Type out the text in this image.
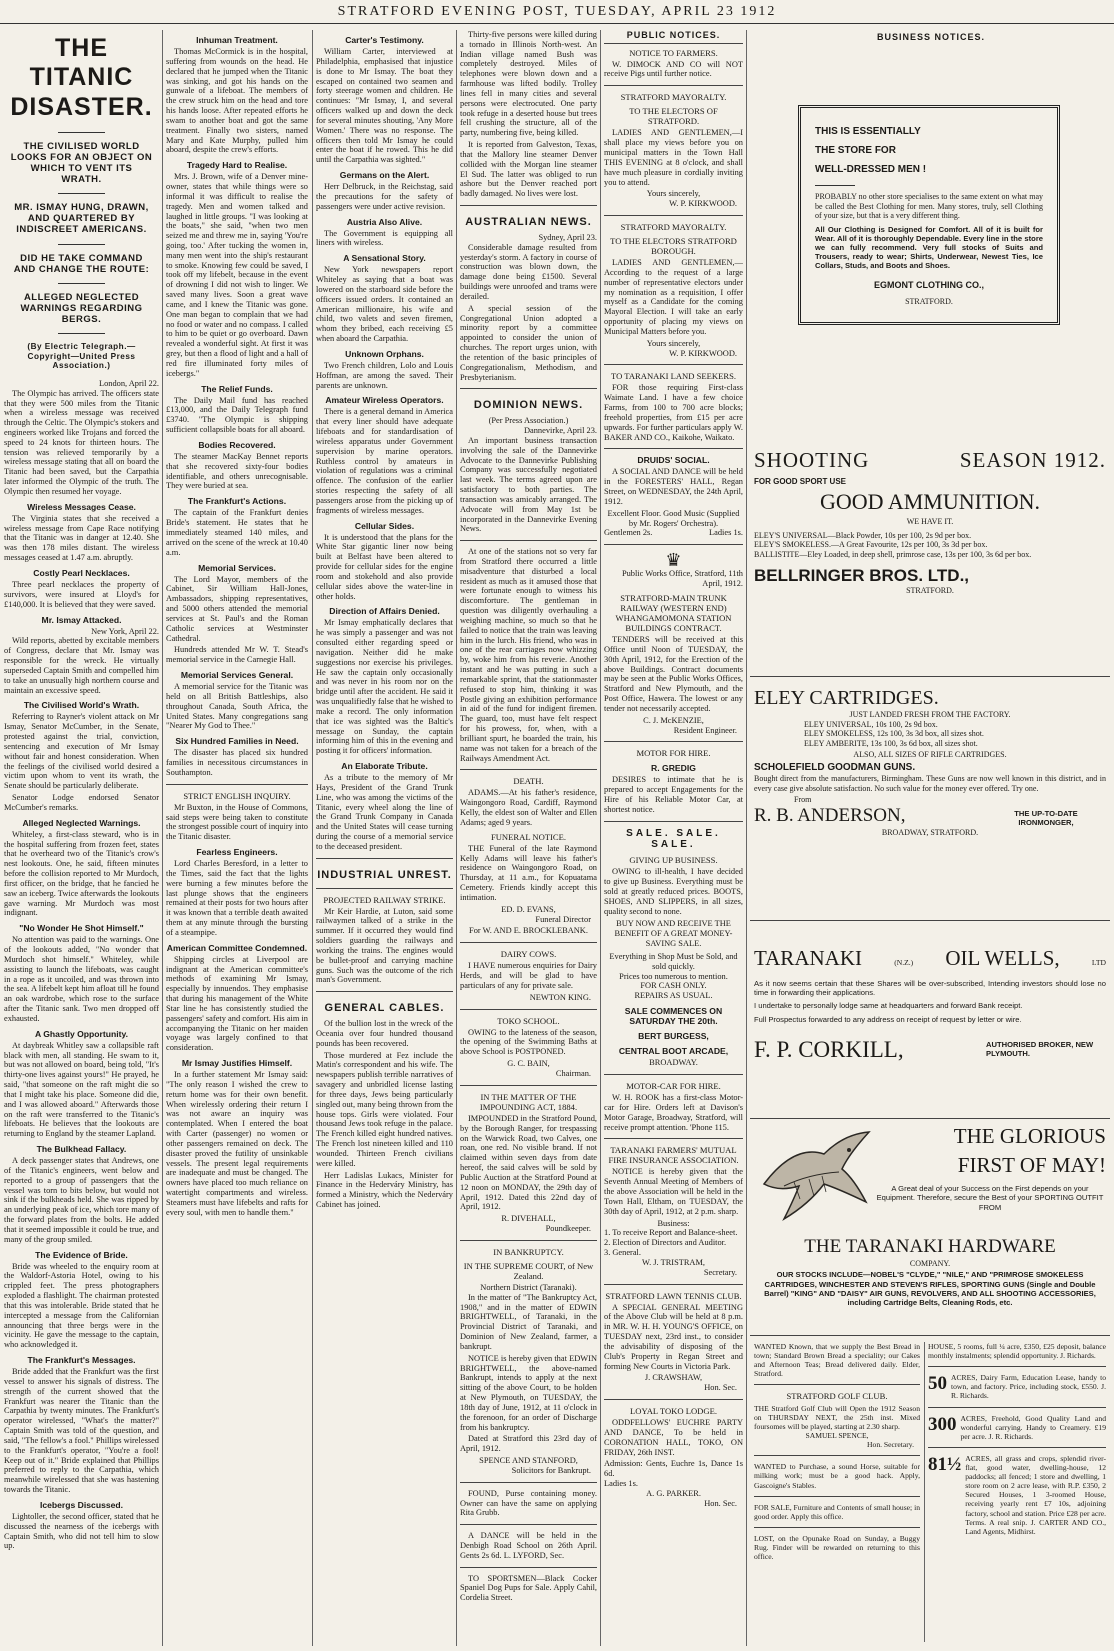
STRATFORD EVENING POST, TUESDAY, APRIL 23 1912
THE TITANIC DISASTER.
THE CIVILISED WORLD LOOKS FOR AN OBJECT ON WHICH TO VENT ITS WRATH.
MR. ISMAY HUNG, DRAWN, AND QUARTERED BY INDISCREET AMERICANS.
DID HE TAKE COMMAND AND CHANGE THE ROUTE:
ALLEGED NEGLECTED WARNINGS REGARDING BERGS.
(By Electric Telegraph.—Copyright—United Press Association.)
London, April 22.

The Olympic has arrived. The officers state that they were 500 miles from the Titanic when a wireless message was received through the Celtic. The Olympic's stokers and engineers worked like Trojans and forced the speed to 24 knots for thirteen hours. The tension was relieved temporarily by a wireless message stating that all on board the Titanic had been saved, but the Carpathia later informed the Olympic of the truth. The Olympic then resumed her voyage.

Wireless Messages Cease.

The Virginia states that she received a wireless message from Cape Race notifying that the Titanic was in danger at 12.40. She was then 178 miles distant. The wireless messages ceased at 1.47 a.m. abruptly.

Costly Pearl Necklaces.

Three pearl necklaces the property of survivors, were insured at Lloyd's for £140,000. It is believed that they were saved.

Mr. Ismay Attacked.
New York, April 22.

Wild reports, abetted by excitable members of Congress, declare that Mr. Ismay was responsible for the wreck. He virtually superseded Captain Smith and compelled him to take an unusually high northern course and maintain an excessive speed.

The Civilised World's Wrath.

Referring to Rayner's violent attack on Mr Ismay, Senator McCumber, in the Senate, protested against the trial, conviction, sentencing and execution of Mr Ismay without fair and honest consideration. When the feelings of the civilised world desired a victim upon whom to vent its wrath, the Senate should be particularly deliberate.

Senator Lodge endorsed Senator McCumber's remarks.

Alleged Neglected Warnings.

Whiteley, a first-class steward, who is in the hospital suffering from frozen feet, states that he overheard two of the Titanic's crow's nest lookouts. One, he said, fifteen minutes before the collision reported to Mr Murdoch, first officer, on the bridge, that he fancied he saw an iceberg. Twice afterwards the lookouts gave warning. Mr Murdoch was most indignant.

"No Wonder He Shot Himself."

No attention was paid to the warnings. One of the lookouts added, "No wonder that Murdoch shot himself." Whiteley, while assisting to launch the lifeboats, was caught in a rope as it uncoiled, and was thrown into the sea. A lifebelt kept him afloat till he found an oak wardrobe, which rose to the surface after the Titanic sank. Two men dropped off exhausted.

A Ghastly Opportunity.

At daybreak Whitley saw a collapsible raft black with men, all standing. He swam to it, but was not allowed on board, being told, "It's thirty-one lives against yours!" He prayed, he said, "that someone on the raft might die so that I might take his place. Someone did die, and I was allowed aboard." Afterwards those on the raft were transferred to the Titanic's lifeboats. He believes that the lookouts are returning to England by the steamer Lapland.

The Bulkhead Fallacy.

A deck passenger states that Andrews, one of the Titanic's engineers, went below and reported to a group of passengers that the vessel was torn to bits below, but would not sink if the bulkheads held. She was ripped by an underlying peak of ice, which tore many of the forward plates from the bolts. He added that it seemed impossible it could be true, and many of the group smiled.

The Evidence of Bride.

Bride was wheeled to the enquiry room at the Waldorf-Astoria Hotel, owing to his crippled feet. The press photographers exploded a flashlight. The chairman protested that this was intolerable. Bride stated that he intercepted a message from the Californian announcing that three bergs were in the vicinity. He gave the message to the captain, who acknowledged it.

The Frankfurt's Messages.

Bride added that the Frankfurt was the first vessel to answer his signals of distress. The strength of the current showed that the Frankfurt was nearer the Titanic than the Carpathia by twenty minutes. The Frankfurt's operator wirelessed, "What's the matter?" Captain Smith was told of the question, and said, "The fellow's a fool." Phillips wirelessed to the Frankfurt's operator, "You're a fool! Keep out of it." Bride explained that Phillips preferred to reply to the Carpathia, which meanwhile wirelessed that she was hastening towards the Titanic.

Icebergs Discussed.

Lightoller, the second officer, stated that he discussed the nearness of the icebergs with Captain Smith, who did not tell him to slow up.

Inhuman Treatment.

Thomas McCormick is in the hospital, suffering from wounds on the head. He declared that he jumped when the Titanic was sinking, and got his hands on the gunwale of a lifeboat. The members of the crew struck him on the head and tore his hands loose. After repeated efforts he swam to another boat and got the same treatment. Finally two sisters, named Mary and Kate Murphy, pulled him aboard, despite the crew's efforts.

Tragedy Hard to Realise.

Mrs. J. Brown, wife of a Denver mine-owner, states that while things were so informal it was difficult to realise the tragedy. Men and women talked and laughed in little groups. "I was looking at the boats," she said, "when two men seized me and threw me in, saying 'You're going, too.' After tucking the women in, many men went into the ship's restaurant to smoke. Knowing few could be saved, I took off my lifebelt, because in the event of drowning I did not wish to linger. We saved many lives. Soon a great wave came, and I knew the Titanic was gone. One man began to complain that we had no food or water and no compass. I called to him to be quiet or go overboard. Dawn revealed a wonderful sight. At first it was grey, but then a flood of light and a hall of red fire illuminated forty miles of icebergs."

The Relief Funds.

The Daily Mail fund has reached £13,000, and the Daily Telegraph fund £3740. "The Olympic is shipping sufficient collapsible boats for all aboard.

Bodies Recovered.

The steamer MacKay Bennet reports that she recovered sixty-four bodies identifiable, and others unrecognisable. They were buried at sea.

The Frankfurt's Actions.

The captain of the Frankfurt denies Bride's statement. He states that he immediately steamed 140 miles, and arrived on the scene of the wreck at 10.40 a.m.

Memorial Services.

The Lord Mayor, members of the Cabinet, Sir William Hall-Jones, Ambassadors, shipping representatives, and 5000 others attended the memorial services at St. Paul's and the Roman Catholic services at Westminster Cathedral.

Hundreds attended Mr W. T. Stead's memorial service in the Carnegie Hall.

Memorial Services General.

A memorial service for the Titanic was held on all British Battleships, also throughout Canada, South Africa, the United States. Many congregations sang "Nearer My God to Thee."

Six Hundred Families in Need.

The disaster has placed six hundred families in necessitous circumstances in Southampton.

STRICT ENGLISH INQUIRY.

Mr Buxton, in the House of Commons, said steps were being taken to constitute the strongest possible court of inquiry into the Titanic disaster.

Fearless Engineers.

Lord Charles Beresford, in a letter to the Times, said the fact that the lights were burning a few minutes before the last plunge shows that the engineers remained at their posts for two hours after it was known that a terrible death awaited them at any minute through the bursting of a steampipe.

American Committee Condemned.

Shipping circles at Liverpool are indignant at the American committee's methods of examining Mr Ismay, especially by innuendos. They emphasise that during his management of the White Star line he has consistently studied the passengers' safety and comfort. His aim in accompanying the Titanic on her maiden voyage was largely confined to that consideration.

Mr Ismay Justifies Himself.

In a further statement Mr Ismay said: "The only reason I wished the crew to return home was for their own benefit. When wirelessly ordering their return I was not aware an inquiry was contemplated. When I entered the boat with Carter (passenger) no women or other passengers remained on deck. The disaster proved the futility of unsinkable vessels. The present legal requirements are inadequate and must be changed. The owners have placed too much reliance on watertight compartments and wireless. Steamers must have lifebelts and rafts for every soul, with men to handle them."

Carter's Testimony.

William Carter, interviewed at Philadelphia, emphasised that injustice is done to Mr Ismay. The boat they escaped on contained two seamen and forty steerage women and children. He continues: "Mr Ismay, I, and several officers walked up and down the deck for several minutes shouting, 'Any More Women.' There was no response. The officers then told Mr Ismay he could enter the boat if he rowed. This he did until the Carpathia was sighted."

Germans on the Alert.

Herr Delbruck, in the Reichstag, said the precautions for the safety of passengers were under active revision.

Austria Also Alive.

The Government is equipping all liners with wireless.

A Sensational Story.

New York newspapers report Whiteley as saying that a boat was lowered on the starboard side before the officers issued orders. It contained an American millionaire, his wife and child, two valets and seven firemen, whom they bribed, each receiving £5 when aboard the Carpathia.

Unknown Orphans.

Two French children, Lolo and Louis Hoffman, are among the saved. Their parents are unknown.

Amateur Wireless Operators.

There is a general demand in America that every liner should have adequate lifeboats and for standardisation of wireless apparatus under Government supervision by marine operators. Ruthless control by amateurs in violation of regulations was a criminal offence. The confusion of the earlier stories respecting the safety of all passengers arose from the picking up of fragments of wireless messages.

Cellular Sides.

It is understood that the plans for the White Star gigantic liner now being built at Belfast have been altered to provide for cellular sides for the engine room and stokehold and also provide cellular sides above the water-line in other holds.

Direction of Affairs Denied.

Mr Ismay emphatically declares that he was simply a passenger and was not consulted either regarding speed or navigation. Neither did he make suggestions nor exercise his privileges. He saw the captain only occasionally and was never in his room nor on the bridge until after the accident. He said it was unqualifiedly false that he wished to make a record. The only information that ice was sighted was the Baltic's message on Sunday, the captain informing him of this in the evening and posting it for officers' information.

An Elaborate Tribute.

As a tribute to the memory of Mr Hays, President of the Grand Trunk Line, who was among the victims of the Titanic, every wheel along the line of the Grand Trunk Company in Canada and the United States will cease turning during the course of a memorial service to the deceased president.

INDUSTRIAL UNREST.
PROJECTED RAILWAY STRIKE.

Mr Keir Hardie, at Luton, said some railwaymen talked of a strike in the summer. If it occurred they would find soldiers guarding the railways and working the trains. The engines would be bullet-proof and carrying machine guns. Such was the outcome of the rich man's Government.

GENERAL CABLES.

Of the bullion lost in the wreck of the Oceania over four hundred thousand pounds has been recovered.

Those murdered at Fez include the Matin's correspondent and his wife. The newspapers publish terrible narratives of savagery and unbridled license lasting for three days, Jews being particularly singled out, many being thrown from the house tops. Girls were violated. Four thousand Jews took refuge in the palace. The French killed eight hundred natives. The French lost nineteen killed and 110 wounded. Thirteen French civilians were killed.

Herr Ladislas Lukacs, Minister for Finance in the Hederváry Ministry, has formed a Ministry, which the Nederváry Cabinet has joined.

Thirty-five persons were killed during a tornado in Illinois North-west. An Indian village named Bush was completely destroyed. Miles of telephones were blown down and a farmhouse was lifted bodily. Trolley lines fell in many cities and several persons were electrocuted. One party took refuge in a deserted house but trees fell crushing the structure, all of the party, numbering five, being killed.

It is reported from Galveston, Texas, that the Mallory line steamer Denver collided with the Morgan line steamer El Sud. The latter was obliged to run ashore but the Denver reached port badly damaged. No lives were lost.

AUSTRALIAN NEWS.
Sydney, April 23.

Considerable damage resulted from yesterday's storm. A factory in course of construction was blown down, the damage done being £1500. Several buildings were unroofed and trams were derailed.

A special session of the Congregational Union adopted a minority report by a committee appointed to consider the union of churches. The report urges union, with the retention of the basic principles of Congregationalism, Methodism, and Presbyterianism.

DOMINION NEWS.
(Per Press Association.)
Dannevirke, April 23.

An important business transaction involving the sale of the Dannevirke Advocate to the Dannevirke Publishing Company was successfully negotiated last week. The terms agreed upon are satisfactory to both parties. The transaction was amicably arranged. The Advocate will from May 1st be incorporated in the Dannevirke Evening News.

At one of the stations not so very far from Stratford there occurred a little misadventure that disturbed a local resident as much as it amused those that were fortunate enough to witness his discomforture. The gentleman in question was diligently overhauling a weighing machine, so much so that he failed to notice that the train was leaving him in the lurch. His friend, who was in one of the rear carriages now whizzing by, woke him from his reverie. Another instant and he was putting in such a remarkable sprint, that the stationmaster refused to stop him, thinking it was Postle giving an exhibition performance in aid of the fund for indigent firemen. The guard, too, must have felt respect for his prowess, for, when, with a brilliant spurt, he boarded the train, his name was not taken for a breach of the Railways Amendment Act.

DEATH.

ADAMS.—At his father's residence, Waingongoro Road, Cardiff, Raymond Kelly, the eldest son of Walter and Ellen Adams; aged 9 years.

FUNERAL NOTICE.

THE Funeral of the late Raymond Kelly Adams will leave his father's residence on Waingongoro Road, on Thursday, at 11 a.m., for Kopuatama Cemetery. Friends kindly accept this intimation.

ED. D. EVANS,
Funeral Director
For W. AND E. BROCKLEBANK.
DAIRY COWS.

I HAVE numerous enquiries for Dairy Herds, and will be glad to have particulars of any for private sale.

NEWTON KING.
TOKO SCHOOL.

OWING to the lateness of the season, the opening of the Swimming Baths at above School is POSTPONED.

G. C. BAIN,
Chairman.
IN THE MATTER OF THE IMPOUNDING ACT, 1884.

IMPOUNDED in the Stratford Pound, by the Borough Ranger, for trespassing on the Warwick Road, two Calves, one roan, one red. No visible brand. If not claimed within seven days from date hereof, the said calves will be sold by Public Auction at the Stratford Pound at 12 noon on MONDAY, the 29th day of April, 1912. Dated this 22nd day of April, 1912.

R. DIVEHALL,
Poundkeeper.
IN BANKRUPTCY.
IN THE SUPREME COURT, of New Zealand.
Northern District (Taranaki).

In the matter of "The Bankruptcy Act, 1908," and in the matter of EDWIN BRIGHTWELL, of Taranaki, in the Provincial District of Taranaki, and Dominion of New Zealand, farmer, a bankrupt.

NOTICE is hereby given that EDWIN BRIGHTWELL, the above-named Bankrupt, intends to apply at the next sitting of the above Court, to be holden at New Plymouth, on TUESDAY, the 18th day of June, 1912, at 11 o'clock in the forenoon, for an order of Discharge from his bankruptcy.

Dated at Stratford this 23rd day of April, 1912.

SPENCE AND STANFORD,
Solicitors for Bankrupt.

FOUND, Purse containing money. Owner can have the same on applying Rita Grubb.

A DANCE will be held in the Denbigh Road School on 26th April. Gents 2s 6d. L. LYFORD, Sec.

TO SPORTSMEN—Black Cocker Spaniel Dog Pups for Sale. Apply Cahil, Cordelia Street.

PUBLIC NOTICES.
NOTICE TO FARMERS.

W. DIMOCK AND CO will NOT receive Pigs until further notice.

STRATFORD MAYORALTY.
TO THE ELECTORS OF STRATFORD.

LADIES AND GENTLEMEN,—I shall place my views before you on municipal matters in the Town Hall THIS EVENING at 8 o'clock, and shall have much pleasure in cordially inviting you to attend.

Yours sincerely,
W. P. KIRKWOOD.
STRATFORD MAYORALTY.
TO THE ELECTORS STRATFORD BOROUGH.

LADIES AND GENTLEMEN,—According to the request of a large number of representative electors under my nomination as a requisition, I offer myself as a Candidate for the coming Mayoral Election. I will take an early opportunity of placing my views on Municipal Matters before you.

Yours sincerely,
W. P. KIRKWOOD.
TO TARANAKI LAND SEEKERS.

FOR those requiring First-class Waimate Land. I have a few choice Farms, from 100 to 700 acre blocks; freehold properties, from £15 per acre upwards. For further particulars apply W. BAKER AND CO., Kaikohe, Waikato.

DRUIDS' SOCIAL.

A SOCIAL AND DANCE will be held in the FORESTERS' HALL, Regan Street, on WEDNESDAY, the 24th April, 1912.

Excellent Floor. Good Music (Supplied by Mr. Rogers' Orchestra).
Gentlemen 2s.	Ladies 1s.
♛
Public Works Office, Stratford, 11th April, 1912.
STRATFORD-MAIN TRUNK RAILWAY (WESTERN END) WHANGAMOMONA STATION BUILDINGS CONTRACT.

TENDERS will be received at this Office until Noon of TUESDAY, the 30th April, 1912, for the Erection of the above Buildings. Contract documents may be seen at the Public Works Offices, Stratford and New Plymouth, and the Post Office, Hawera. The lowest or any tender not necessarily accepted.

C. J. McKENZIE,
Resident Engineer.
MOTOR FOR HIRE.
R. GREDIG

DESIRES to intimate that he is prepared to accept Engagements for the Hire of his Reliable Motor Car, at shortest notice.

SALE. SALE. SALE.
GIVING UP BUSINESS.

OWING to ill-health, I have decided to give up Business. Everything must be sold at greatly reduced prices. BOOTS, SHOES, AND SLIPPERS, in all sizes, quality second to none.

BUY NOW AND RECEIVE THE BENEFIT OF A GREAT MONEY-SAVING SALE.
Everything in Shop Must be Sold, and sold quickly.
Prices too numerous to mention.
FOR CASH ONLY.
REPAIRS AS USUAL.
SALE COMMENCES ON SATURDAY THE 20th.
BERT BURGESS,
CENTRAL BOOT ARCADE,
BROADWAY.
MOTOR-CAR FOR HIRE.

W. H. ROOK has a first-class Motor-car for Hire. Orders left at Davison's Motor Garage, Broadway, Stratford, will receive prompt attention. 'Phone 115.

TARANAKI FARMERS' MUTUAL FIRE INSURANCE ASSOCIATION.

NOTICE is hereby given that the Seventh Annual Meeting of Members of the above Association will be held in the Town Hall, Eltham, on TUESDAY, the 30th day of April, 1912, at 2 p.m. sharp.

Business:
1. To receive Report and Balance-sheet.
2. Election of Directors and Auditor.
3. General.
W. J. TRISTRAM,
Secretary.
STRATFORD LAWN TENNIS CLUB.

A SPECIAL GENERAL MEETING of the Above Club will be held at 8 p.m. in MR. W. H. H. YOUNG'S OFFICE, on TUESDAY next, 23rd inst., to consider the advisability of disposing of the Club's Property in Regan Street and forming New Courts in Victoria Park.

J. CRAWSHAW,
Hon. Sec.
LOYAL TOKO LODGE.

ODDFELLOWS' EUCHRE PARTY AND DANCE, To be held in CORONATION HALL, TOKO, ON FRIDAY, 26th INST.

Admission: Gents, Euchre 1s, Dance 1s 6d.
Ladies 1s.
A. G. PARKER.
Hon. Sec.
BUSINESS NOTICES.
THIS IS ESSENTIALLY
THE STORE FOR
WELL-DRESSED MEN !
PROBABLY no other store specialises to the same extent on what may be called the Best Clothing for men. Many stores, truly, sell Clothing of your size, but that is a very different thing.
All Our Clothing is Designed for Comfort. All of it is built for Wear. All of it is thoroughly Dependable. Every line in the store we can fully recommend. Very full stocks of Suits and Trousers, ready to wear; Shirts, Underwear, Newest Ties, Ice Collars, Studs, and Boots and Shoes.
EGMONT CLOTHING CO.,
STRATFORD.
SHOOTING	SEASON 1912.
FOR GOOD SPORT USE
GOOD AMMUNITION.
WE HAVE IT.
ELEY'S UNIVERSAL—Black Powder, 10s per 100, 2s 9d per box.
ELEY'S SMOKELESS.—A Great Favourite, 12s per 100, 3s 3d per box.
BALLISTITE—Eley Loaded, in deep shell, primrose case, 13s per 100, 3s 6d per box.
BELLRINGER BROS. LTD.,
STRATFORD.
ELEY CARTRIDGES.
JUST LANDED FRESH FROM THE FACTORY.
ELEY UNIVERSAL, 10s 100, 2s 9d box.
ELEY SMOKELESS, 12s 100, 3s 3d box, all sizes shot.
ELEY AMBERITE, 13s 100, 3s 6d box, all sizes shot.
ALSO, ALL SIZES OF RIFLE CARTRIDGES.
SCHOLEFIELD GOODMAN GUNS.
Bought direct from the manufacturers, Birmingham. These Guns are now well known in this district, and in every case give absolute satisfaction. No such value for the money ever offered. Try one.
From
R. B. ANDERSON,	THE UP-TO-DATE IRONMONGER,
BROADWAY, STRATFORD.
TARANAKI	(N.Z.) OIL WELLS,	LTD
As it now seems certain that these Shares will be over-subscribed, Intending investors should lose no time in forwarding their applications.
I undertake to personally lodge same at headquarters and forward Bank receipt.
Full Prospectus forwarded to any address on receipt of request by letter or wire.
F. P. CORKILL,	AUTHORISED BROKER, NEW PLYMOUTH.
THE GLORIOUS
FIRST OF MAY!
A Great deal of your Success on the First depends on your Equipment. Therefore, secure the Best of your SPORTING OUTFIT FROM
THE TARANAKI HARDWARE
COMPANY.
OUR STOCKS INCLUDE—NOBEL'S "CLYDE," "NILE," AND "PRIMROSE SMOKELESS CARTRIDGES, WINCHESTER AND STEVEN'S RIFLES, SPORTING GUNS (Single and Double Barrel) "KING" AND "DAISY" AIR GUNS, REVOLVERS, AND ALL SHOOTING ACCESSORIES, including Cartridge Belts, Cleaning Rods, etc.
WANTED Known, that we supply the Best Bread in town; Standard Brown Bread a speciality; our Cakes and Afternoon Teas; Bread delivered daily. Elder, Stratford.
STRATFORD GOLF CLUB.
THE Stratford Golf Club will Open the 1912 Season on THURSDAY NEXT, the 25th inst. Mixed foursomes will be played, starting at 2.30 sharp.
SAMUEL SPENCE,
Hon. Secretary.
WANTED to Purchase, a sound Horse, suitable for milking work; must be a good hack. Apply, Gascoigne's Stables.
FOR SALE, Furniture and Contents of small house; in good order. Apply this office.
LOST, on the Opunake Road on Sunday, a Buggy Rug. Finder will be rewarded on returning to this office.
HOUSE, 5 rooms, full ¼ acre, £350, £25 deposit, balance monthly instalments; splendid opportunity. J. Richards.
50 ACRES, Dairy Farm, Education Lease, handy to town, and factory. Price, including stock, £550. J. R. Richards.
300 ACRES, Freehold, Good Quality Land and wonderful carrying. Handy to Creamery. £19 per acre. J. R. Richards.
81½ ACRES, all grass and crops, splendid river-flat, good water, dwelling-house, 12 paddocks; all fenced; 1 store and dwelling, 1 store room on 2 acre lease, with R.P. £350, 2 Secured Houses, 1 3-roomed House, receiving yearly rent £7 10s, adjoining factory, school and station. Price £28 per acre. Terms. A real snip. J. CARTER AND CO., Land Agents, Midhirst.
